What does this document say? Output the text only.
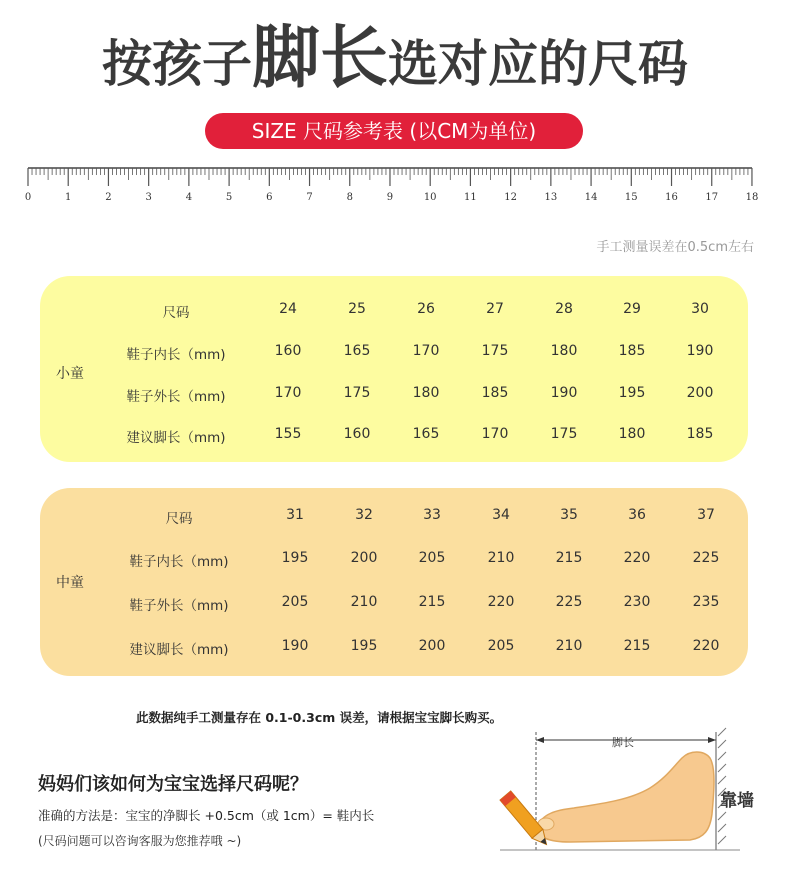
按孩子脚长选对应的尺码
SIZE 尺码参考表 (以CM为单位)
0	1	2	3	4	5	6	7	8	9	10	11	12	13	14	15	16	17	18
手工测量误差在0.5cm左右
小童
中童
尺码	24	25	26	27	28	29	30
鞋子内长（mm)	160	165	170	175	180	185	190
鞋子外长（mm)	170	175	180	185	190	195	200
建议脚长（mm)	155	160	165	170	175	180	185
尺码	31	32	33	34	35	36	37
鞋子内长（mm)	195	200	205	210	215	220	225
鞋子外长（mm)	205	210	215	220	225	230	235
建议脚长（mm)	190	195	200	205	210	215	220
此数据纯手工测量存在 0.1-0.3cm 误差，请根据宝宝脚长购买。
妈妈们该如何为宝宝选择尺码呢？
准确的方法是：宝宝的净脚长 +0.5cm（或 1cm）= 鞋内长
(尺码问题可以咨询客服为您推荐哦 ~)
脚长
靠墙
